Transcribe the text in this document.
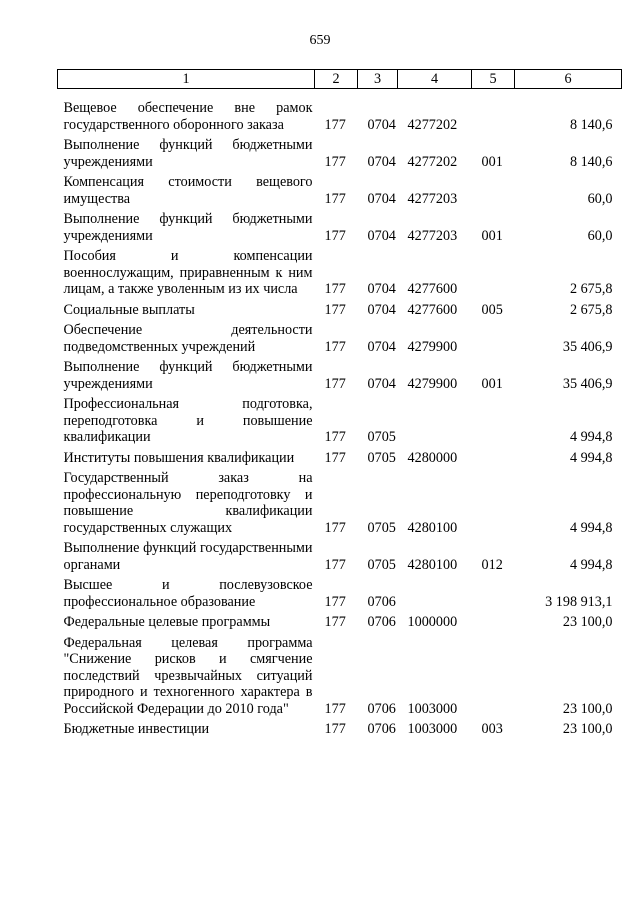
659
1	2	3	4	5	6
Вещевое обеспечение вне рамок государственного оборонного заказа	177	0704	4277202		8 140,6
Выполнение функций бюджетными учреждениями	177	0704	4277202	001	8 140,6
Компенсация стоимости вещевого имущества	177	0704	4277203		60,0
Выполнение функций бюджетными учреждениями	177	0704	4277203	001	60,0
Пособия и компенсации военнослужащим, приравненным к ним лицам, а также уволенным из их числа	177	0704	4277600		2 675,8
Социальные выплаты	177	0704	4277600	005	2 675,8
Обеспечение деятельности подведомственных учреждений	177	0704	4279900		35 406,9
Выполнение функций бюджетными учреждениями	177	0704	4279900	001	35 406,9
Профессиональная подготовка, переподготовка и повышение квалификации	177	0705			4 994,8
Институты повышения квалификации	177	0705	4280000		4 994,8
Государственный заказ на профессиональную переподготовку и повышение квалификации государственных служащих	177	0705	4280100		4 994,8
Выполнение функций государственными органами	177	0705	4280100	012	4 994,8
Высшее и послевузовское профессиональное образование	177	0706			3 198 913,1
Федеральные целевые программы	177	0706	1000000		23 100,0
Федеральная целевая программа "Снижение рисков и смягчение последствий чрезвычайных ситуаций природного и техногенного характера в Российской Федерации до 2010 года"	177	0706	1003000		23 100,0
Бюджетные инвестиции	177	0706	1003000	003	23 100,0
